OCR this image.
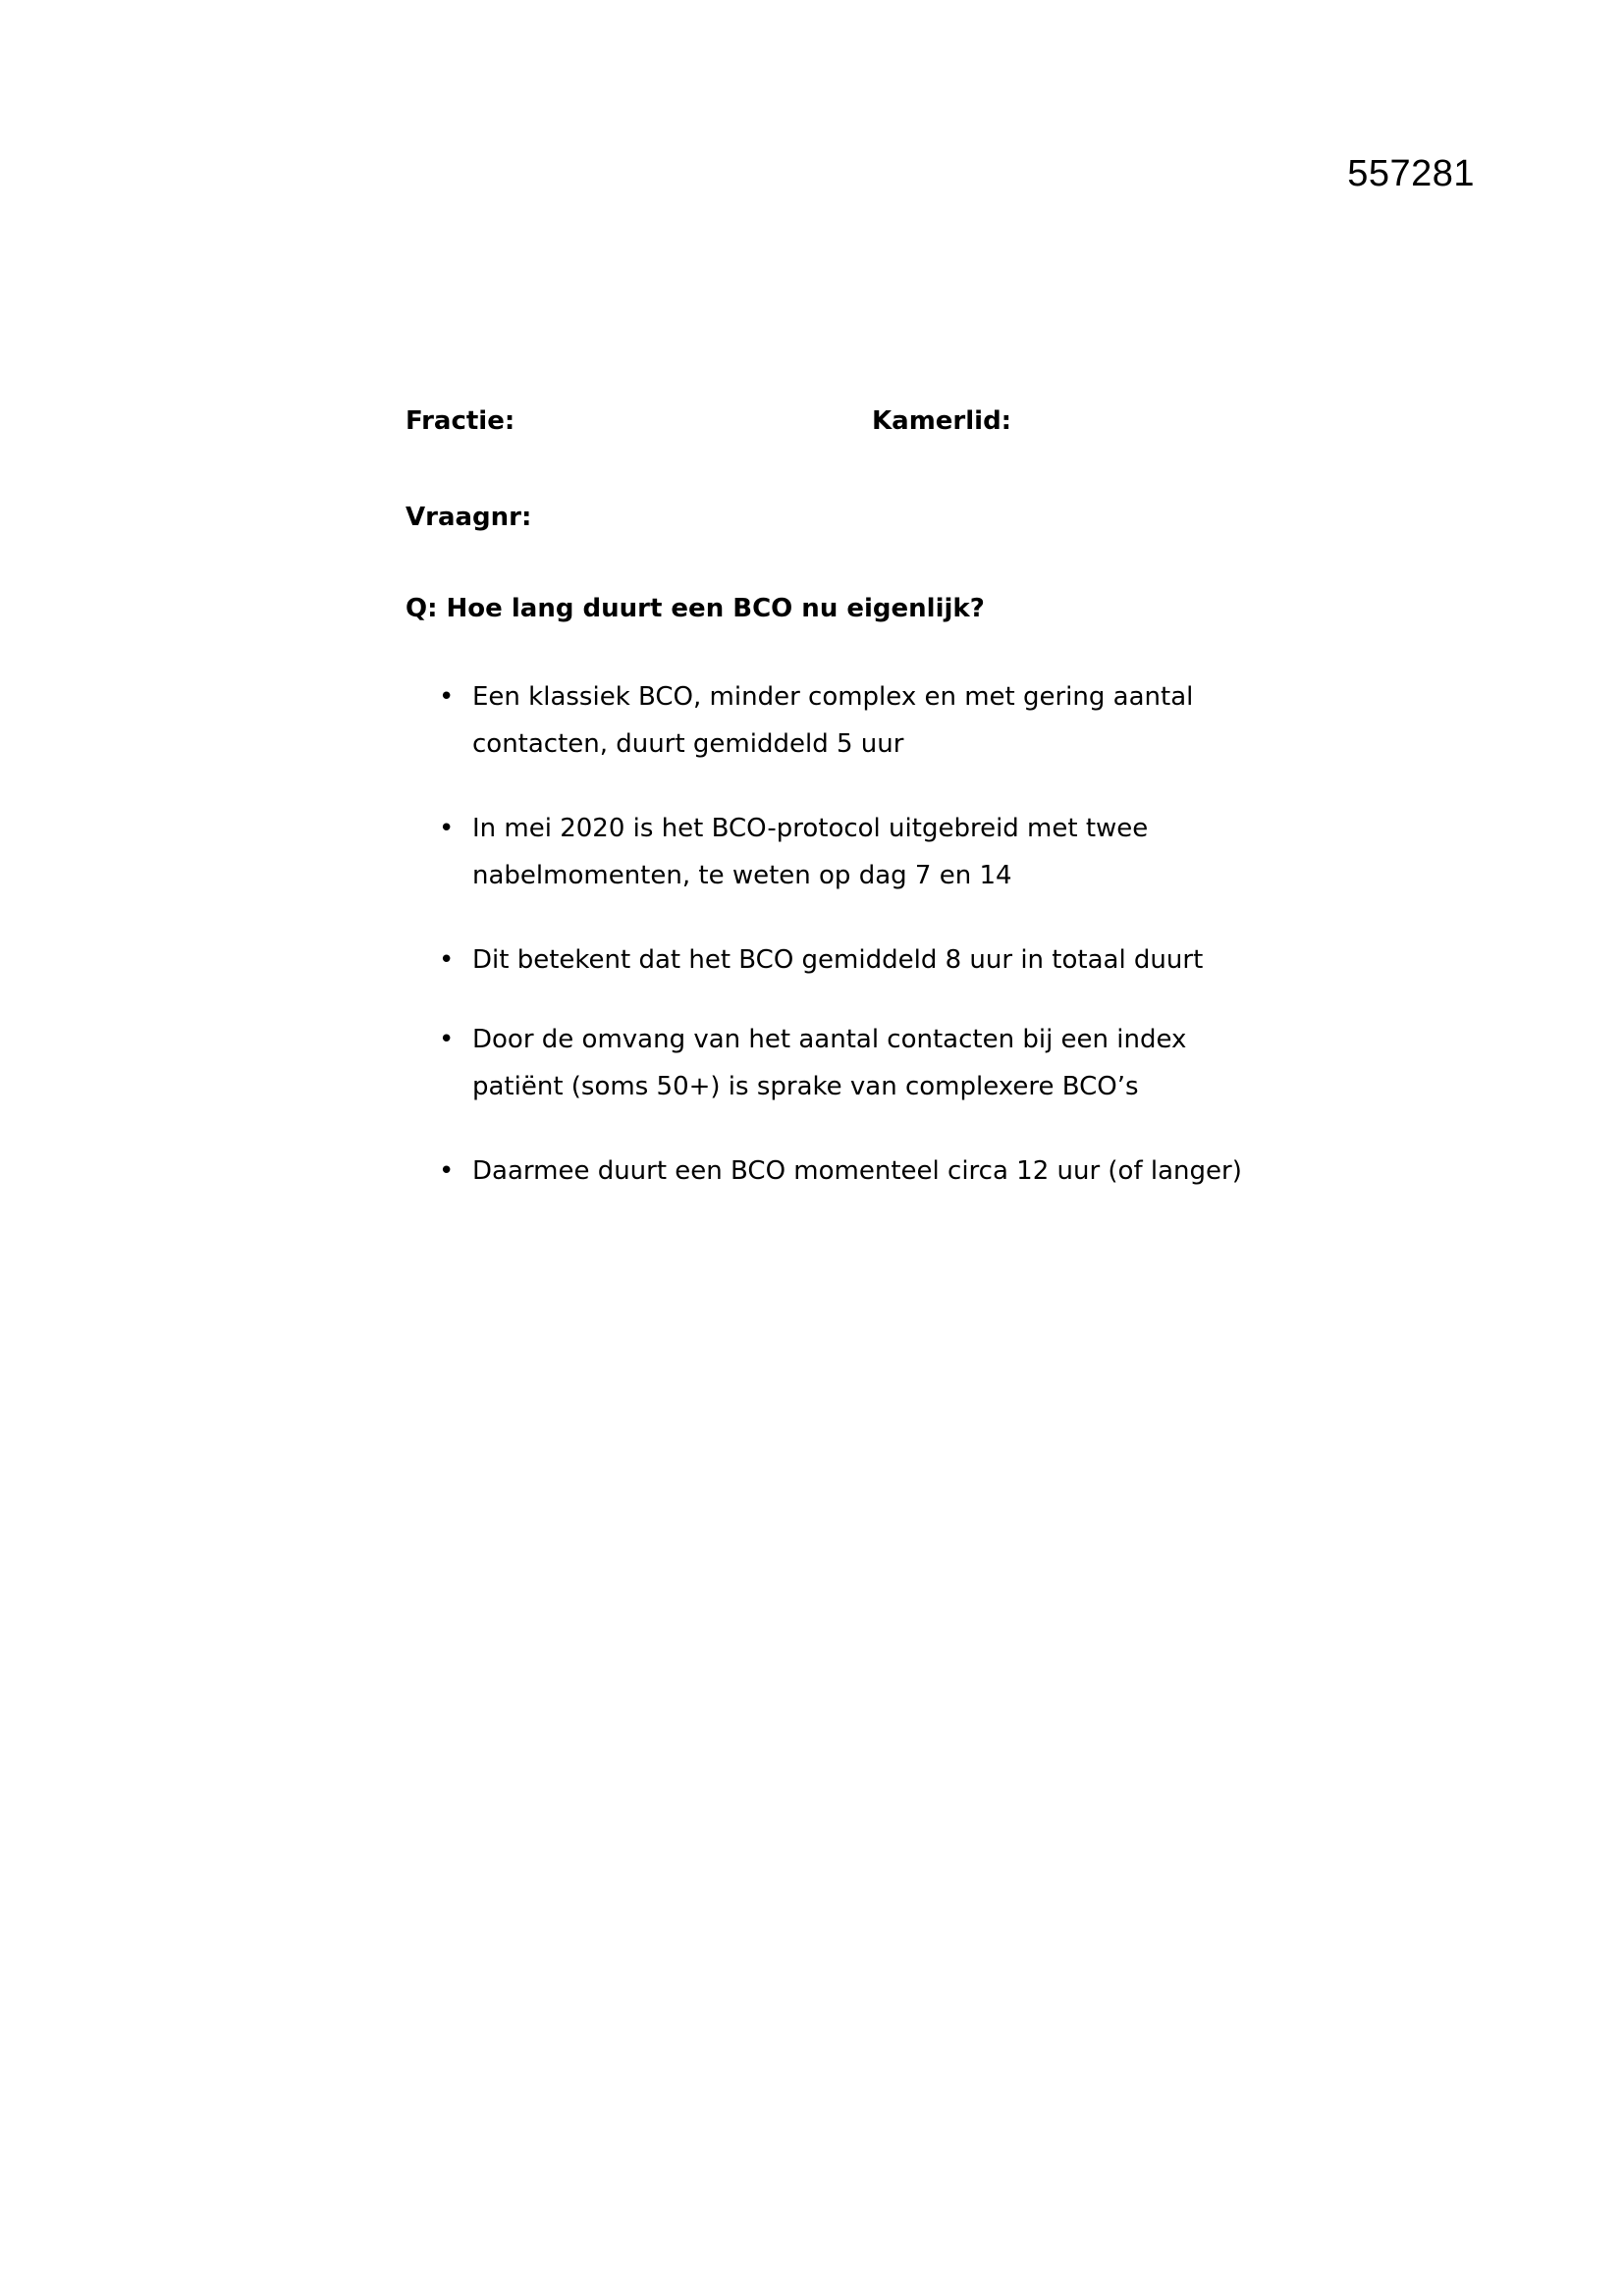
557281
Fractie:	Kamerlid:
Vraagnr:
Q: Hoe lang duurt een BCO nu eigenlijk?
• Een klassiek BCO, minder complex en met gering aantal contacten, duurt gemiddeld 5 uur
• In mei 2020 is het BCO-protocol uitgebreid met twee nabelmomenten, te weten op dag 7 en 14
• Dit betekent dat het BCO gemiddeld 8 uur in totaal duurt
• Door de omvang van het aantal contacten bij een index patiënt (soms 50+) is sprake van complexere BCO’s
• Daarmee duurt een BCO momenteel circa 12 uur (of langer)
